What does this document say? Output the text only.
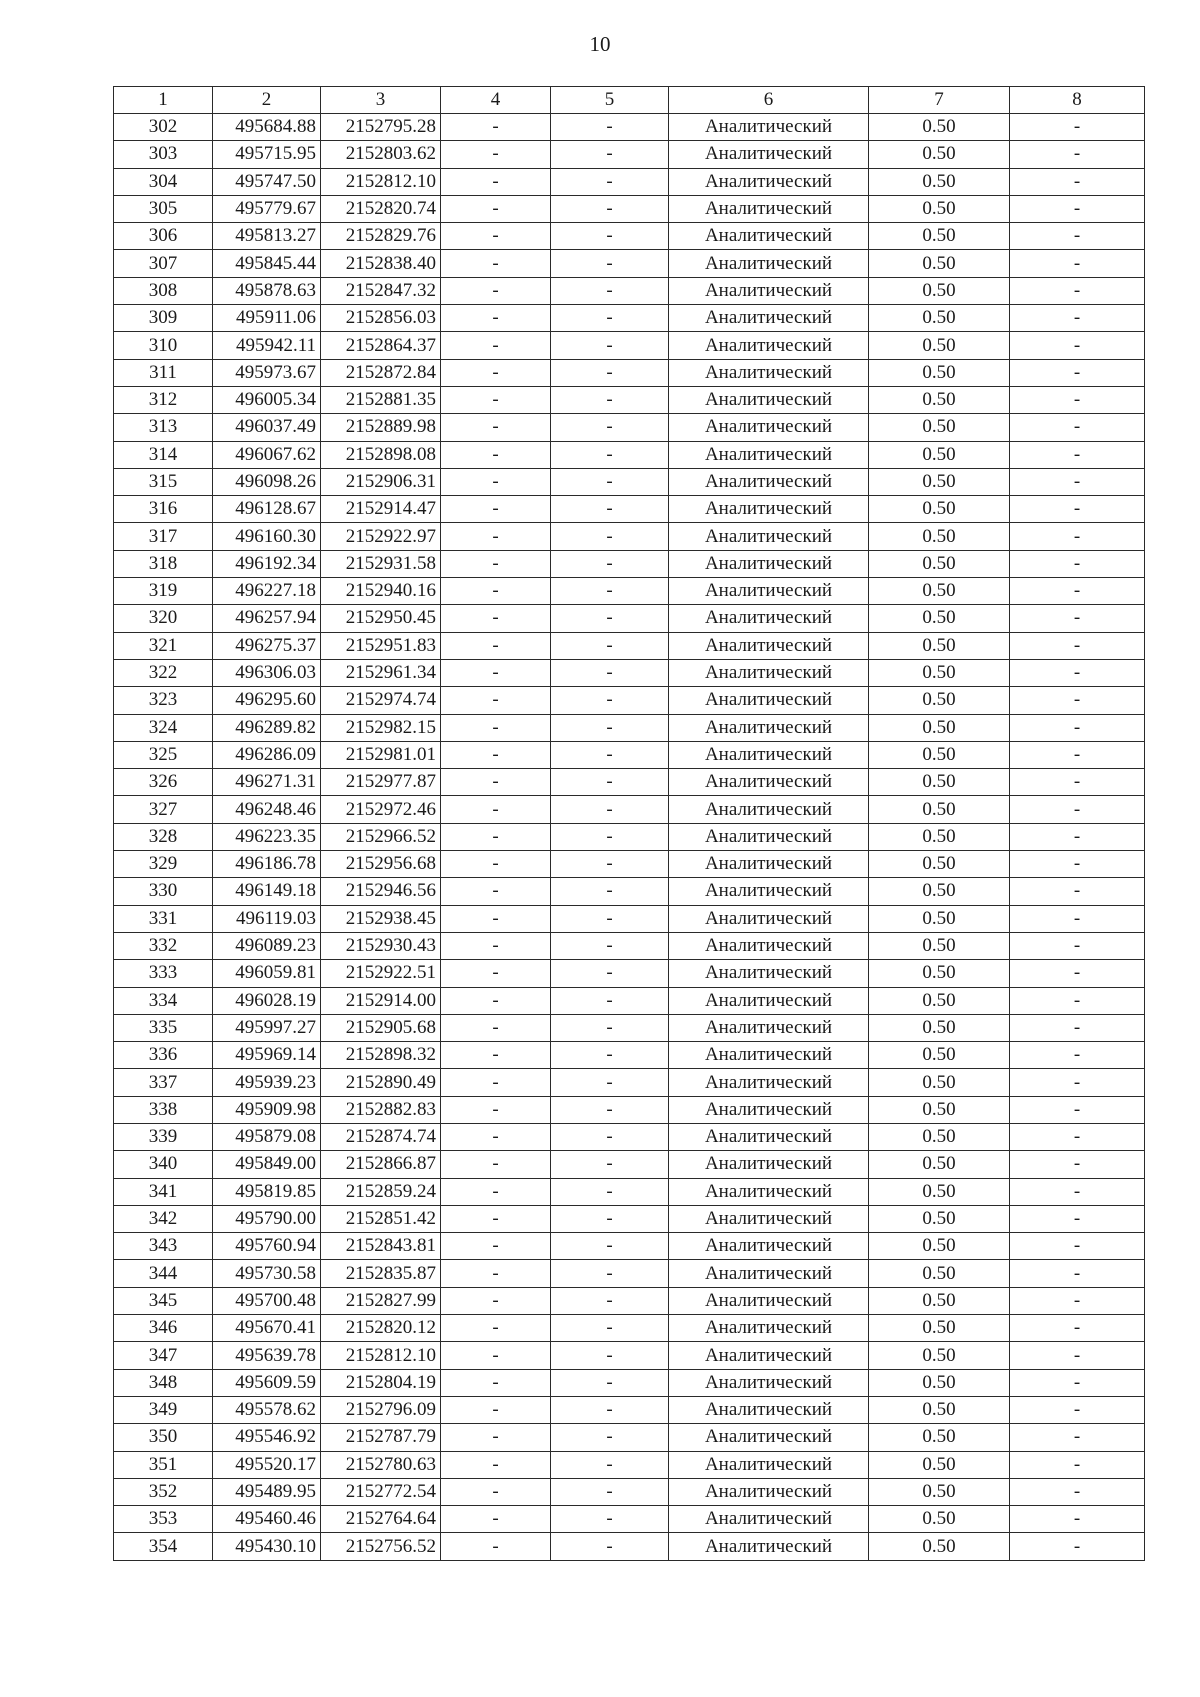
10
1	2	3	4	5	6	7	8
302	495684.88	2152795.28	-	-	Аналитический	0.50	-
303	495715.95	2152803.62	-	-	Аналитический	0.50	-
304	495747.50	2152812.10	-	-	Аналитический	0.50	-
305	495779.67	2152820.74	-	-	Аналитический	0.50	-
306	495813.27	2152829.76	-	-	Аналитический	0.50	-
307	495845.44	2152838.40	-	-	Аналитический	0.50	-
308	495878.63	2152847.32	-	-	Аналитический	0.50	-
309	495911.06	2152856.03	-	-	Аналитический	0.50	-
310	495942.11	2152864.37	-	-	Аналитический	0.50	-
311	495973.67	2152872.84	-	-	Аналитический	0.50	-
312	496005.34	2152881.35	-	-	Аналитический	0.50	-
313	496037.49	2152889.98	-	-	Аналитический	0.50	-
314	496067.62	2152898.08	-	-	Аналитический	0.50	-
315	496098.26	2152906.31	-	-	Аналитический	0.50	-
316	496128.67	2152914.47	-	-	Аналитический	0.50	-
317	496160.30	2152922.97	-	-	Аналитический	0.50	-
318	496192.34	2152931.58	-	-	Аналитический	0.50	-
319	496227.18	2152940.16	-	-	Аналитический	0.50	-
320	496257.94	2152950.45	-	-	Аналитический	0.50	-
321	496275.37	2152951.83	-	-	Аналитический	0.50	-
322	496306.03	2152961.34	-	-	Аналитический	0.50	-
323	496295.60	2152974.74	-	-	Аналитический	0.50	-
324	496289.82	2152982.15	-	-	Аналитический	0.50	-
325	496286.09	2152981.01	-	-	Аналитический	0.50	-
326	496271.31	2152977.87	-	-	Аналитический	0.50	-
327	496248.46	2152972.46	-	-	Аналитический	0.50	-
328	496223.35	2152966.52	-	-	Аналитический	0.50	-
329	496186.78	2152956.68	-	-	Аналитический	0.50	-
330	496149.18	2152946.56	-	-	Аналитический	0.50	-
331	496119.03	2152938.45	-	-	Аналитический	0.50	-
332	496089.23	2152930.43	-	-	Аналитический	0.50	-
333	496059.81	2152922.51	-	-	Аналитический	0.50	-
334	496028.19	2152914.00	-	-	Аналитический	0.50	-
335	495997.27	2152905.68	-	-	Аналитический	0.50	-
336	495969.14	2152898.32	-	-	Аналитический	0.50	-
337	495939.23	2152890.49	-	-	Аналитический	0.50	-
338	495909.98	2152882.83	-	-	Аналитический	0.50	-
339	495879.08	2152874.74	-	-	Аналитический	0.50	-
340	495849.00	2152866.87	-	-	Аналитический	0.50	-
341	495819.85	2152859.24	-	-	Аналитический	0.50	-
342	495790.00	2152851.42	-	-	Аналитический	0.50	-
343	495760.94	2152843.81	-	-	Аналитический	0.50	-
344	495730.58	2152835.87	-	-	Аналитический	0.50	-
345	495700.48	2152827.99	-	-	Аналитический	0.50	-
346	495670.41	2152820.12	-	-	Аналитический	0.50	-
347	495639.78	2152812.10	-	-	Аналитический	0.50	-
348	495609.59	2152804.19	-	-	Аналитический	0.50	-
349	495578.62	2152796.09	-	-	Аналитический	0.50	-
350	495546.92	2152787.79	-	-	Аналитический	0.50	-
351	495520.17	2152780.63	-	-	Аналитический	0.50	-
352	495489.95	2152772.54	-	-	Аналитический	0.50	-
353	495460.46	2152764.64	-	-	Аналитический	0.50	-
354	495430.10	2152756.52	-	-	Аналитический	0.50	-
